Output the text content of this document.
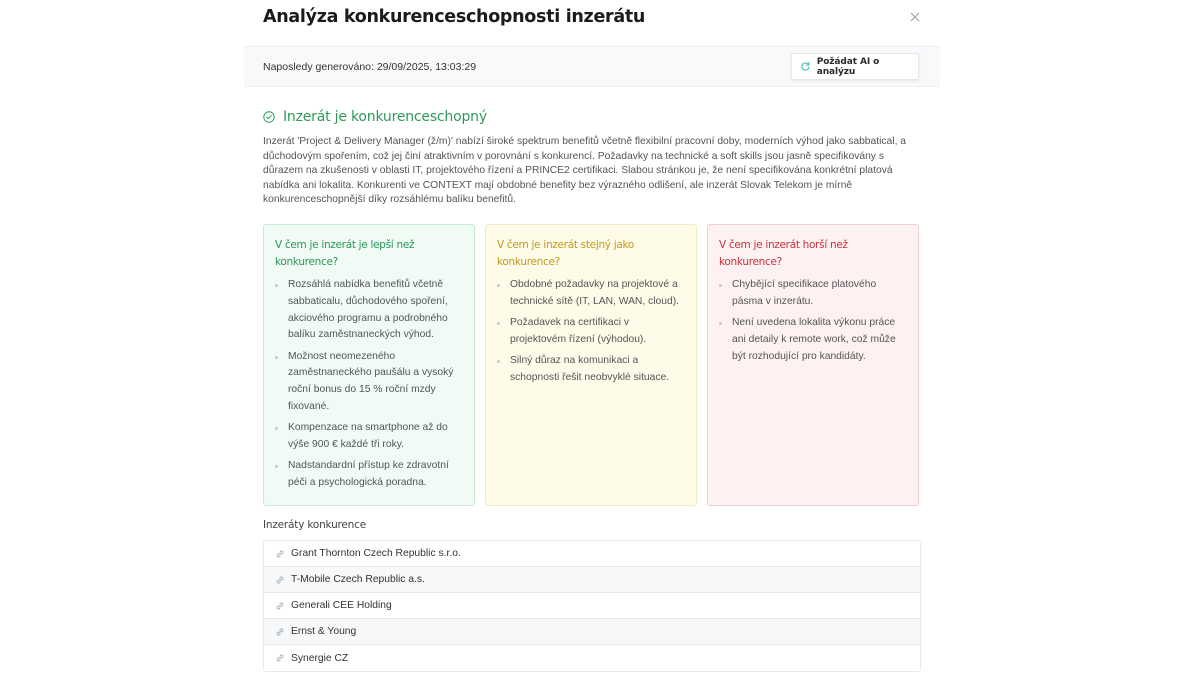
Analýza konkurenceschopnosti inzerátu
Naposledy generováno: 29/09/2025, 13:03:29	Požádat AI o analýzu
Inzerát je konkurenceschopný
Inzerát 'Project & Delivery Manager (ž/m)' nabízí široké spektrum benefitů včetně flexibilní pracovní doby, moderních výhod jako sabbatical, a důchodovým spořením, což jej činí atraktivním v porovnání s konkurencí. Požadavky na technické a soft skills jsou jasně specifikovány s důrazem na zkušenosti v oblasti IT, projektového řízení a PRINCE2 certifikaci. Slabou stránkou je, že není specifikována konkrétní platová nabídka ani lokalita. Konkurenti ve CONTEXT mají obdobné benefity bez výrazného odlišení, ale inzerát Slovak Telekom je mírně konkurenceschopnější díky rozsáhlému balíku benefitů.
V čem je inzerát je lepší než konkurence?
Rozsáhlá nabídka benefitů včetně sabbaticalu, důchodového spoření, akciového programu a podrobného balíku zaměstnaneckých výhod.
Možnost neomezeného zaměstnaneckého paušálu a vysoký roční bonus do 15 % roční mzdy fixované.
Kompenzace na smartphone až do výše 900 € každé tři roky.
Nadstandardní přístup ke zdravotní péči a psychologická poradna.
V čem je inzerát stejný jako konkurence?
Obdobné požadavky na projektové a technické sítě (IT, LAN, WAN, cloud).
Požadavek na certifikaci v projektovém řízení (výhodou).
Silný důraz na komunikaci a schopnosti řešit neobvyklé situace.
V čem je inzerát horší než konkurence?
Chybějící specifikace platového pásma v inzerátu.
Není uvedena lokalita výkonu práce ani detaily k remote work, což může být rozhodující pro kandidáty.
Inzeráty konkurence
Grant Thornton Czech Republic s.r.o.
T-Mobile Czech Republic a.s.
Generali CEE Holding
Ernst & Young
Synergie CZ
